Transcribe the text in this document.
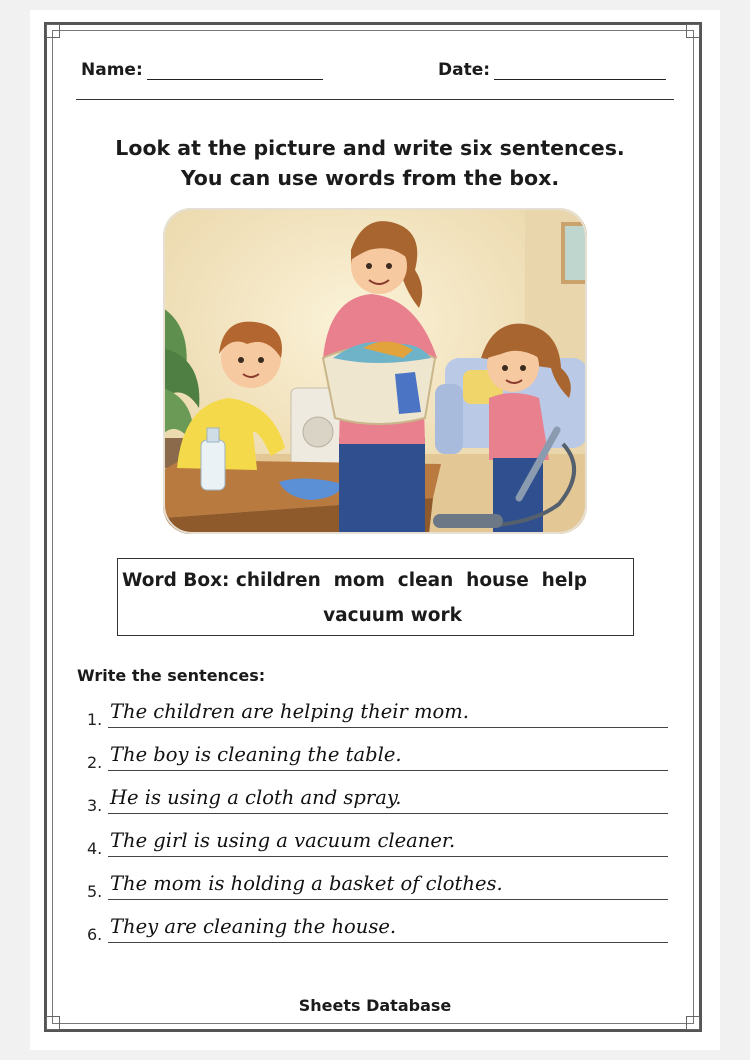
Name:	Date:
Look at the picture and write six sentences.
You can use words from the box.
Word Box: children  mom  clean  house  help
vacuum work
Write the sentences:
1. The children are helping their mom.
2. The boy is cleaning the table.
3. He is using a cloth and spray.
4. The girl is using a vacuum cleaner.
5. The mom is holding a basket of clothes.
6. They are cleaning the house.
Sheets Database
